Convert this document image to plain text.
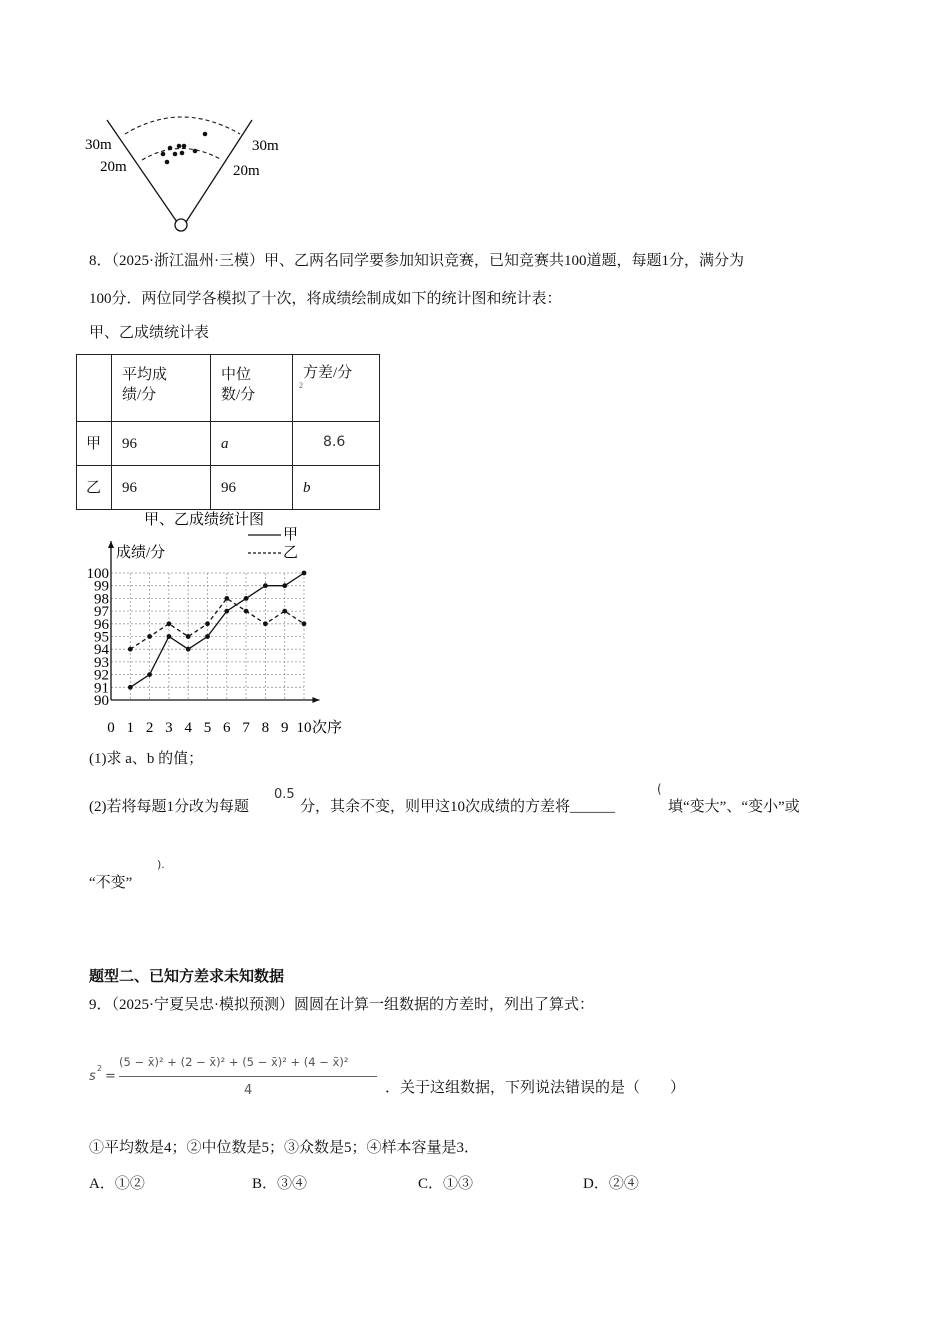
30m
20m
30m
20m
8．（2025·浙江温州·三模）甲、乙两名同学要参加知识竞赛，已知竞赛共100道题，每题1分，满分为
100分．两位同学各模拟了十次，将成绩绘制成如下的统计图和统计表：
甲、乙成绩统计表

	平均成绩/分	中位数/分	方差/分
2

甲	96	a	8.6

乙	96	96	b
甲、乙成绩统计图
成绩/分
次序
0 1 2 3 4 5 6 7 8 9 10
90
91
92
93
94
95
96
97
98
99
100
甲
乙
(1)求 a、b 的值；
(2)若将每题1分改为每题
0.5
分，其余不变，则甲这10次成绩的方差将______
(
填“变大”、“变小”或
“不变”
).
题型二、已知方差求未知数据
9．（2025·宁夏吴忠·模拟预测）圆圆在计算一组数据的方差时，列出了算式：
s
2
=
(5 − x̄)² + (2 − x̄)² + (5 − x̄)² + (4 − x̄)²
4	．关于这组数据，下列说法错误的是（　　）
①平均数是4；②中位数是5；③众数是5；④样本容量是3．
A．①②	B．③④	C．①③	D．②④
